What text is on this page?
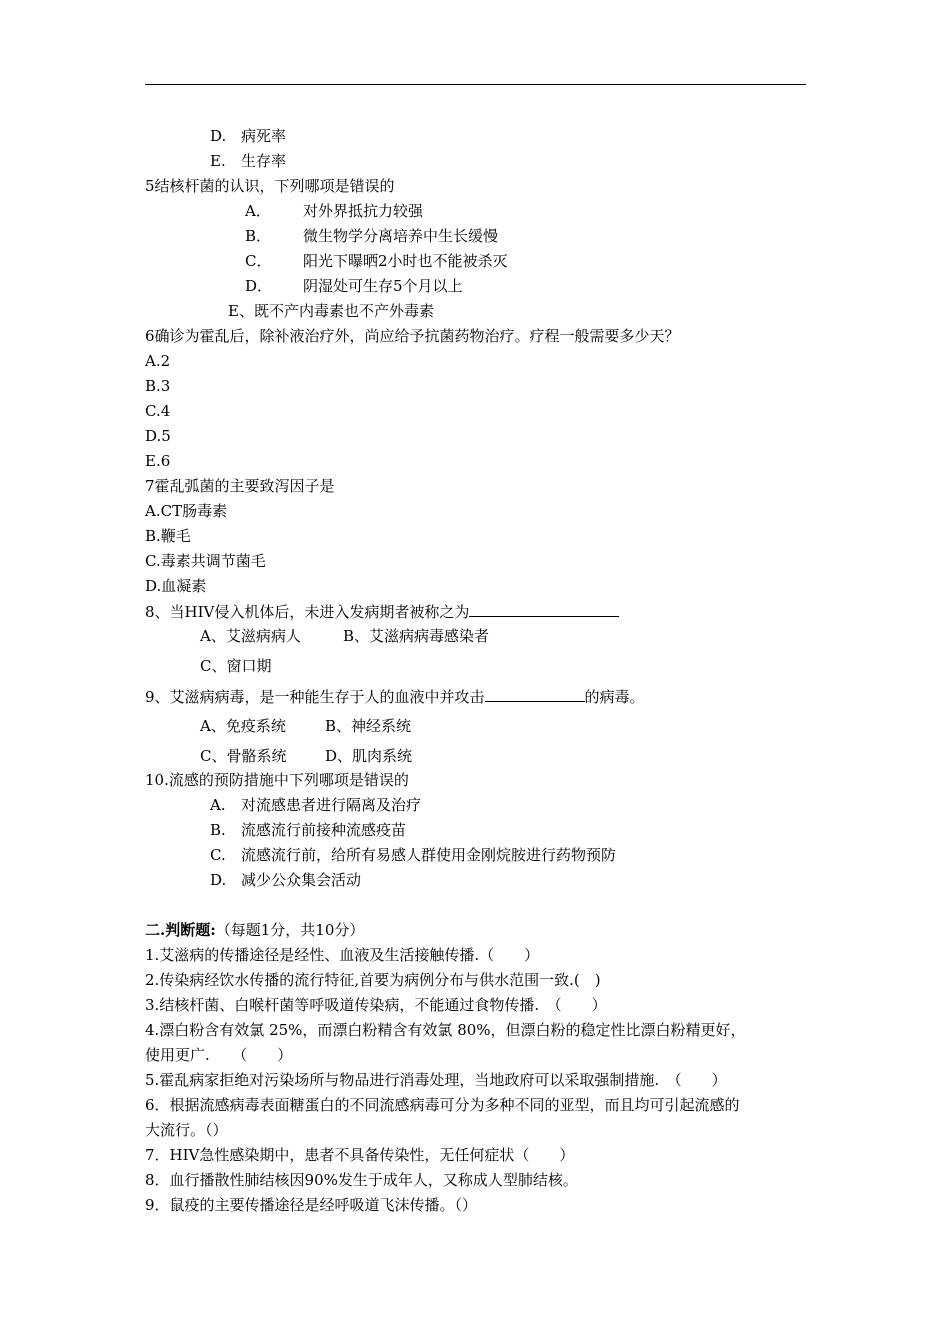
D. 病死率
E. 生存率
5结核杆菌的认识，下列哪项是错误的
A． 对外界抵抗力较强
B． 微生物学分离培养中生长缓慢
C． 阳光下曝晒2小时也不能被杀灭
D． 阴湿处可生存5个月以上
E、既不产内毒素也不产外毒素
6确诊为霍乱后，除补液治疗外，尚应给予抗菌药物治疗。疗程一般需要多少天？
A.2
B.3
C.4
D.5
E.6
7霍乱弧菌的主要致泻因子是
A.CT肠毒素
B.鞭毛
C.毒素共调节菌毛
D.血凝素
8、当HIV侵入机体后，未进入发病期者被称之为
A、艾滋病病人	B、艾滋病病毒感染者
C、窗口期
9、艾滋病病毒，是一种能生存于人的血液中并攻击	的病毒。
A、免疫系统	B、神经系统
C、骨骼系统	D、肌肉系统
10.流感的预防措施中下列哪项是错误的
A. 对流感患者进行隔离及治疗
B. 流感流行前接种流感疫苗
C. 流感流行前，给所有易感人群使用金刚烷胺进行药物预防
D. 减少公众集会活动
二.判断题:（每题1分，共10分）
1.艾滋病的传播途径是经性、血液及生活接触传播.（　　）
2.传染病经饮水传播的流行特征,首要为病例分布与供水范围一致.(　)
3.结核杆菌、白喉杆菌等呼吸道传染病，不能通过食物传播.　（　　）
4.漂白粉含有效氯 25%，而漂白粉精含有效氯 80%，但漂白粉的稳定性比漂白粉精更好，
使用更广.　　（　　）
5.霍乱病家拒绝对污染场所与物品进行消毒处理，当地政府可以采取强制措施.　（　　）
6．根据流感病毒表面糖蛋白的不同流感病毒可分为多种不同的亚型，而且均可引起流感的
大流行。（）
7．HIV急性感染期中，患者不具备传染性，无任何症状（　　）
8．血行播散性肺结核因90%发生于成年人，又称成人型肺结核。
9．鼠疫的主要传播途径是经呼吸道飞沫传播。（）
